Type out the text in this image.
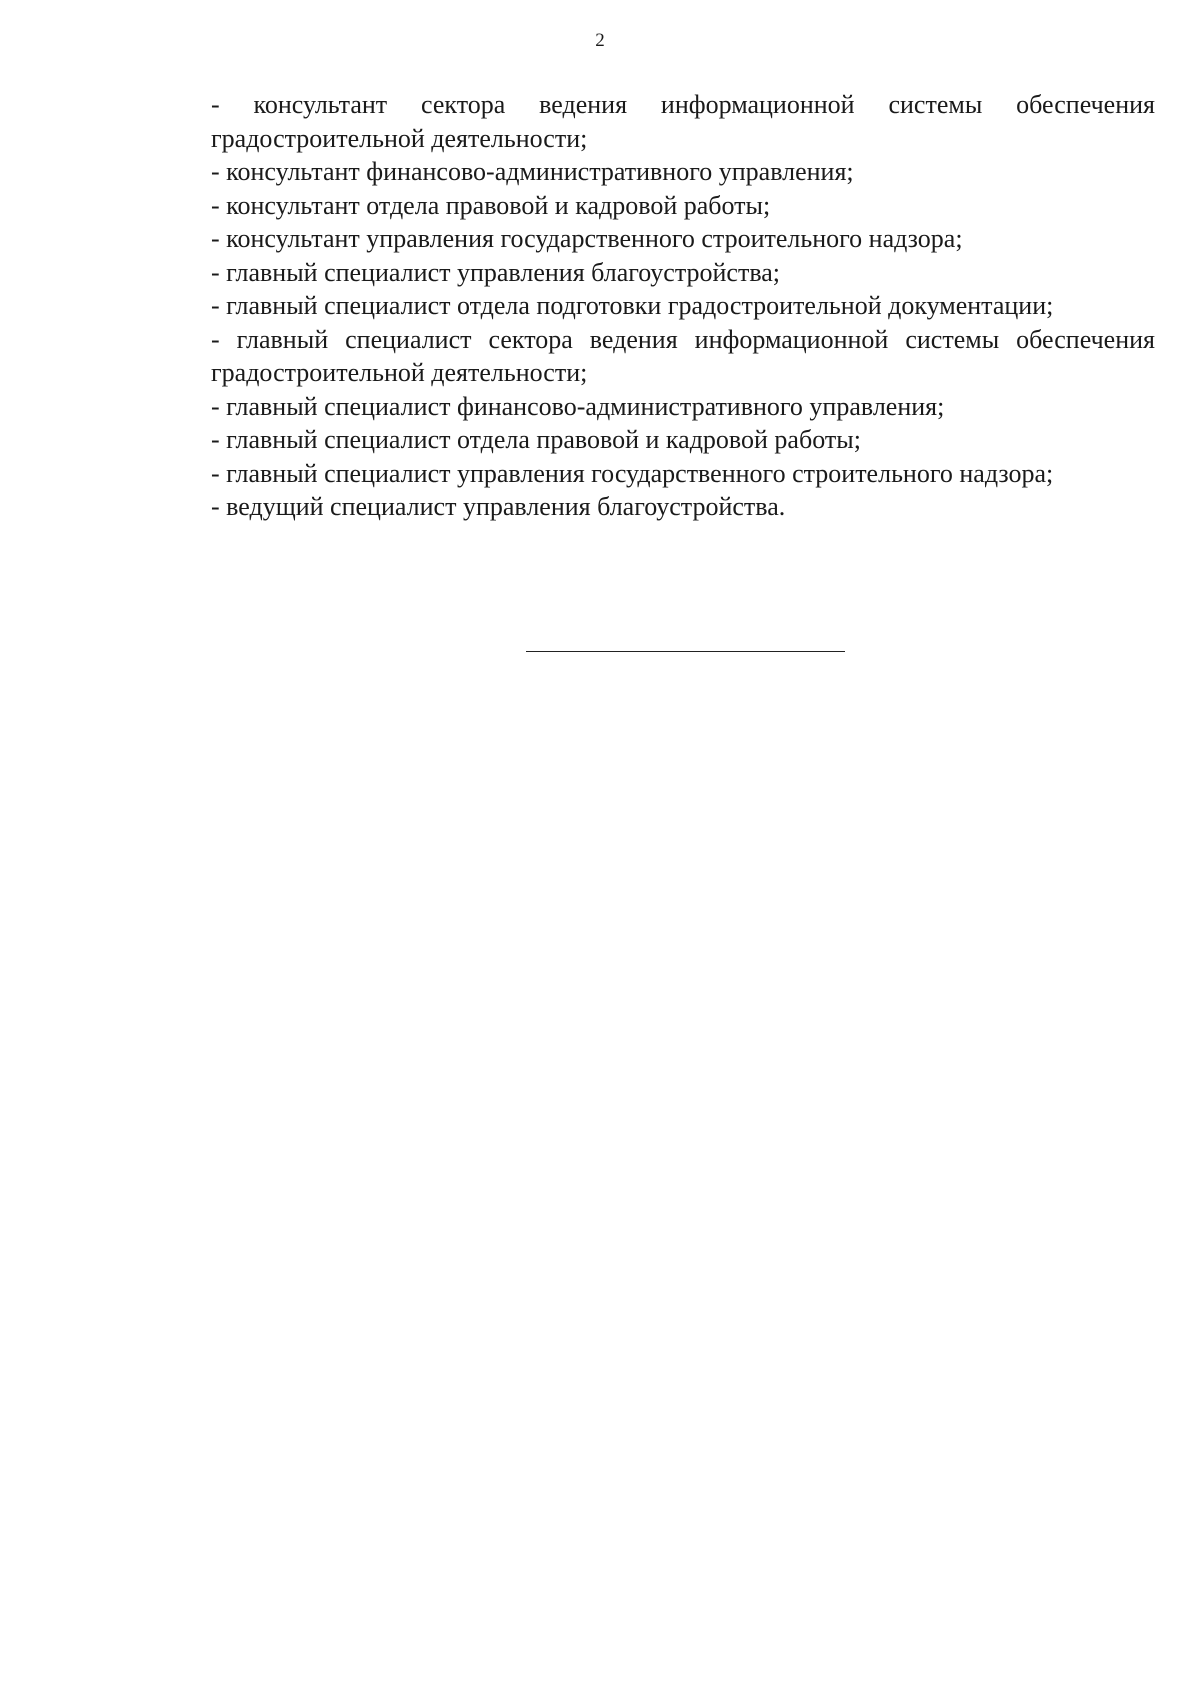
2
- консультант сектора ведения информационной системы обеспечения градостроительной деятельности;
- консультант финансово-административного управления;
- консультант отдела правовой и кадровой работы;
- консультант управления государственного строительного надзора;
- главный специалист управления благоустройства;
- главный специалист отдела подготовки градостроительной документации;
- главный специалист сектора ведения информационной системы обеспечения градостроительной деятельности;
- главный специалист финансово-административного управления;
- главный специалист отдела правовой и кадровой работы;
- главный специалист управления государственного строительного надзора;
- ведущий специалист управления благоустройства.
